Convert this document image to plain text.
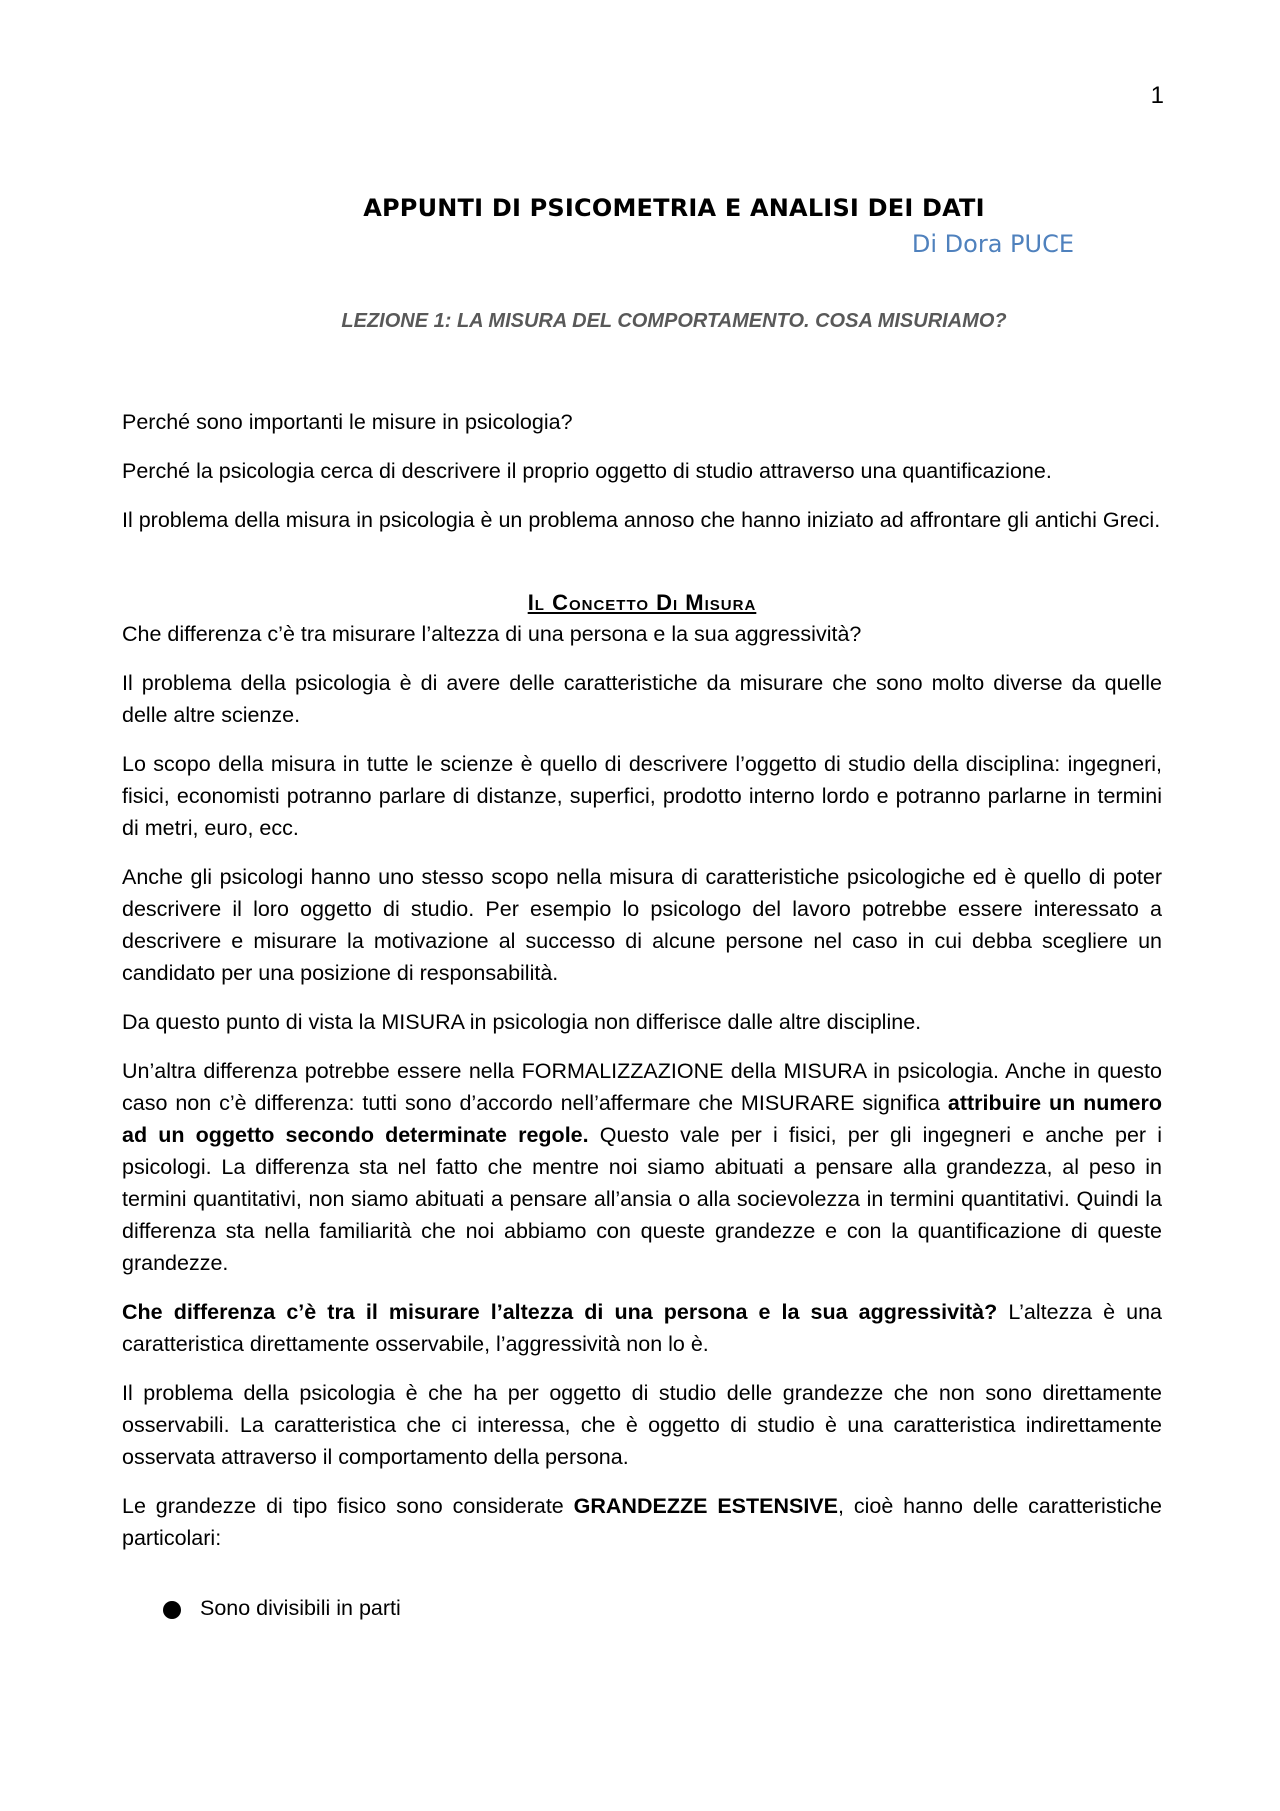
1
APPUNTI DI PSICOMETRIA E ANALISI DEI DATI
Di Dora PUCE
LEZIONE 1: LA MISURA DEL COMPORTAMENTO. COSA MISURIAMO?

Perché sono importanti le misure in psicologia?

Perché la psicologia cerca di descrivere il proprio oggetto di studio attraverso una quantificazione.

Il problema della misura in psicologia è un problema annoso che hanno iniziato ad affrontare gli antichi Greci.

Il Concetto Di Misura

Che differenza c’è tra misurare l’altezza di una persona e la sua aggressività?

Il problema della psicologia è di avere delle caratteristiche da misurare che sono molto diverse da quelle delle altre scienze.

Lo scopo della misura in tutte le scienze è quello di descrivere l’oggetto di studio della disciplina: ingegneri, fisici, economisti potranno parlare di distanze, superfici, prodotto interno lordo e potranno parlarne in termini di metri, euro, ecc.

Anche gli psicologi hanno uno stesso scopo nella misura di caratteristiche psicologiche ed è quello di poter descrivere il loro oggetto di studio. Per esempio lo psicologo del lavoro potrebbe essere interessato a descrivere e misurare la motivazione al successo di alcune persone nel caso in cui debba scegliere un candidato per una posizione di responsabilità.

Da questo punto di vista la MISURA in psicologia non differisce dalle altre discipline.

Un’altra differenza potrebbe essere nella FORMALIZZAZIONE della MISURA in psicologia. Anche in questo caso non c’è differenza: tutti sono d’accordo nell’affermare che MISURARE significa attribuire un numero ad un oggetto secondo determinate regole. Questo vale per i fisici, per gli ingegneri e anche per i psicologi. La differenza sta nel fatto che mentre noi siamo abituati a pensare alla grandezza, al peso in termini quantitativi, non siamo abituati a pensare all’ansia o alla socievolezza in termini quantitativi. Quindi la differenza sta nella familiarità che noi abbiamo con queste grandezze e con la quantificazione di queste grandezze.

Che differenza c’è tra il misurare l’altezza di una persona e la sua aggressività? L’altezza è una caratteristica direttamente osservabile, l’aggressività non lo è.

Il problema della psicologia è che ha per oggetto di studio delle grandezze che non sono direttamente osservabili. La caratteristica che ci interessa, che è oggetto di studio è una caratteristica indirettamente osservata attraverso il comportamento della persona.

Le grandezze di tipo fisico sono considerate GRANDEZZE ESTENSIVE, cioè hanno delle caratteristiche particolari:

Sono divisibili in parti
